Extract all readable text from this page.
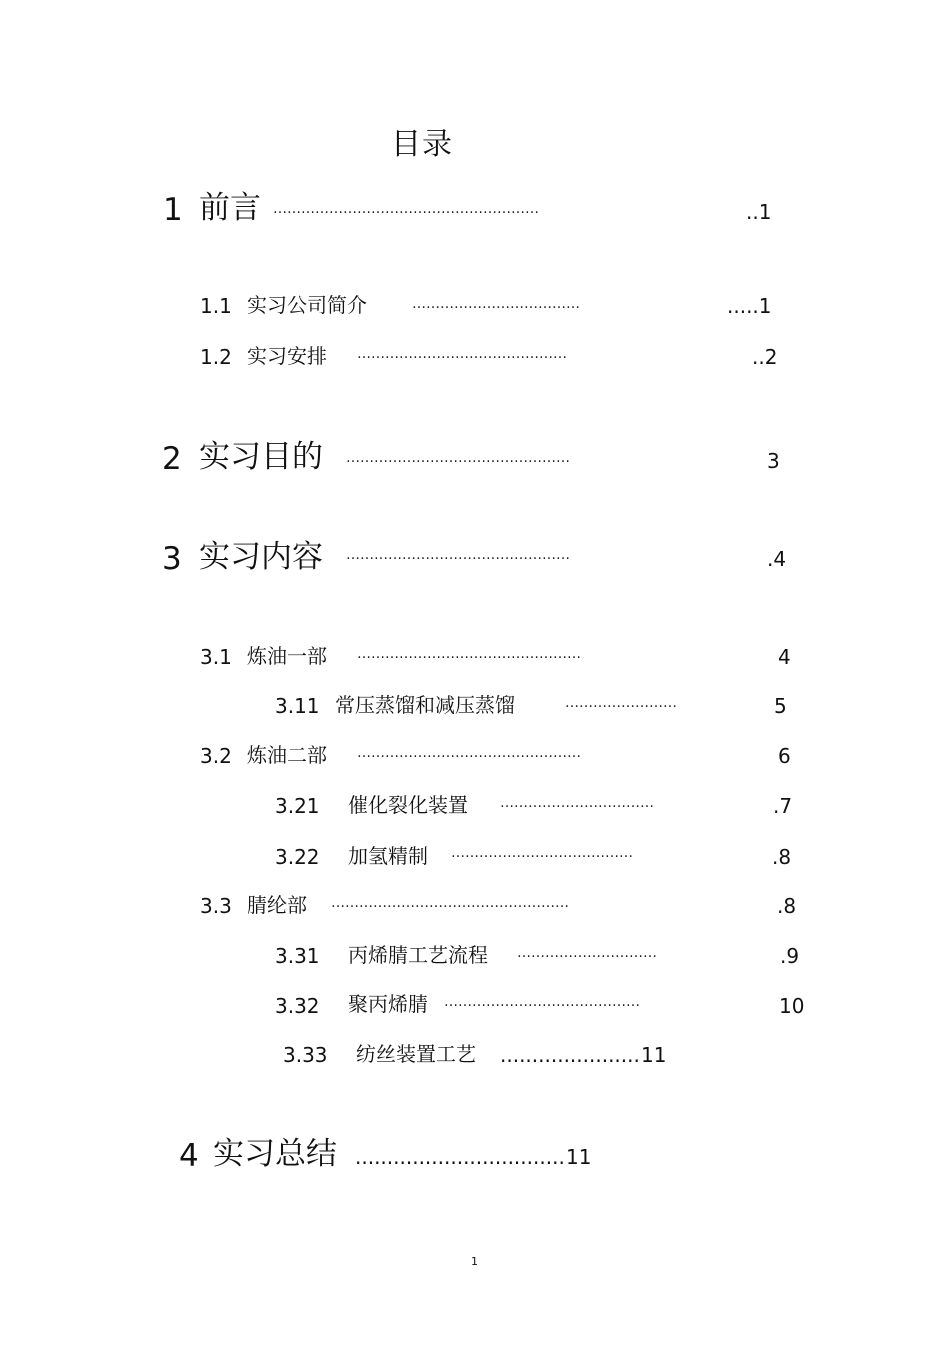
目录
1 前言 …………………………………………………	..1
1.1 实习公司简介	………………………………	.....1
1.2 实习安排 ………………………………………	..2
2 实习目的 …………………………………………	3
3 实习内容 …………………………………………	.4
3.1 炼油一部 …………………………………………	4
3.11 常压蒸馏和减压蒸馏	……………………	5
3.2 炼油二部 …………………………………………	6
3.21 催化裂化装置 ……………………………	.7
3.22 加氢精制 …………………………………	.8
3.3 腈纶部 ……………………………………………	.8
3.31 丙烯腈工艺流程 …………………………	.9
3.32 聚丙烯腈 ……………………………………	10
3.33 纺丝装置工艺 ...................... 11
4 实习总结 ................................. 11
1
